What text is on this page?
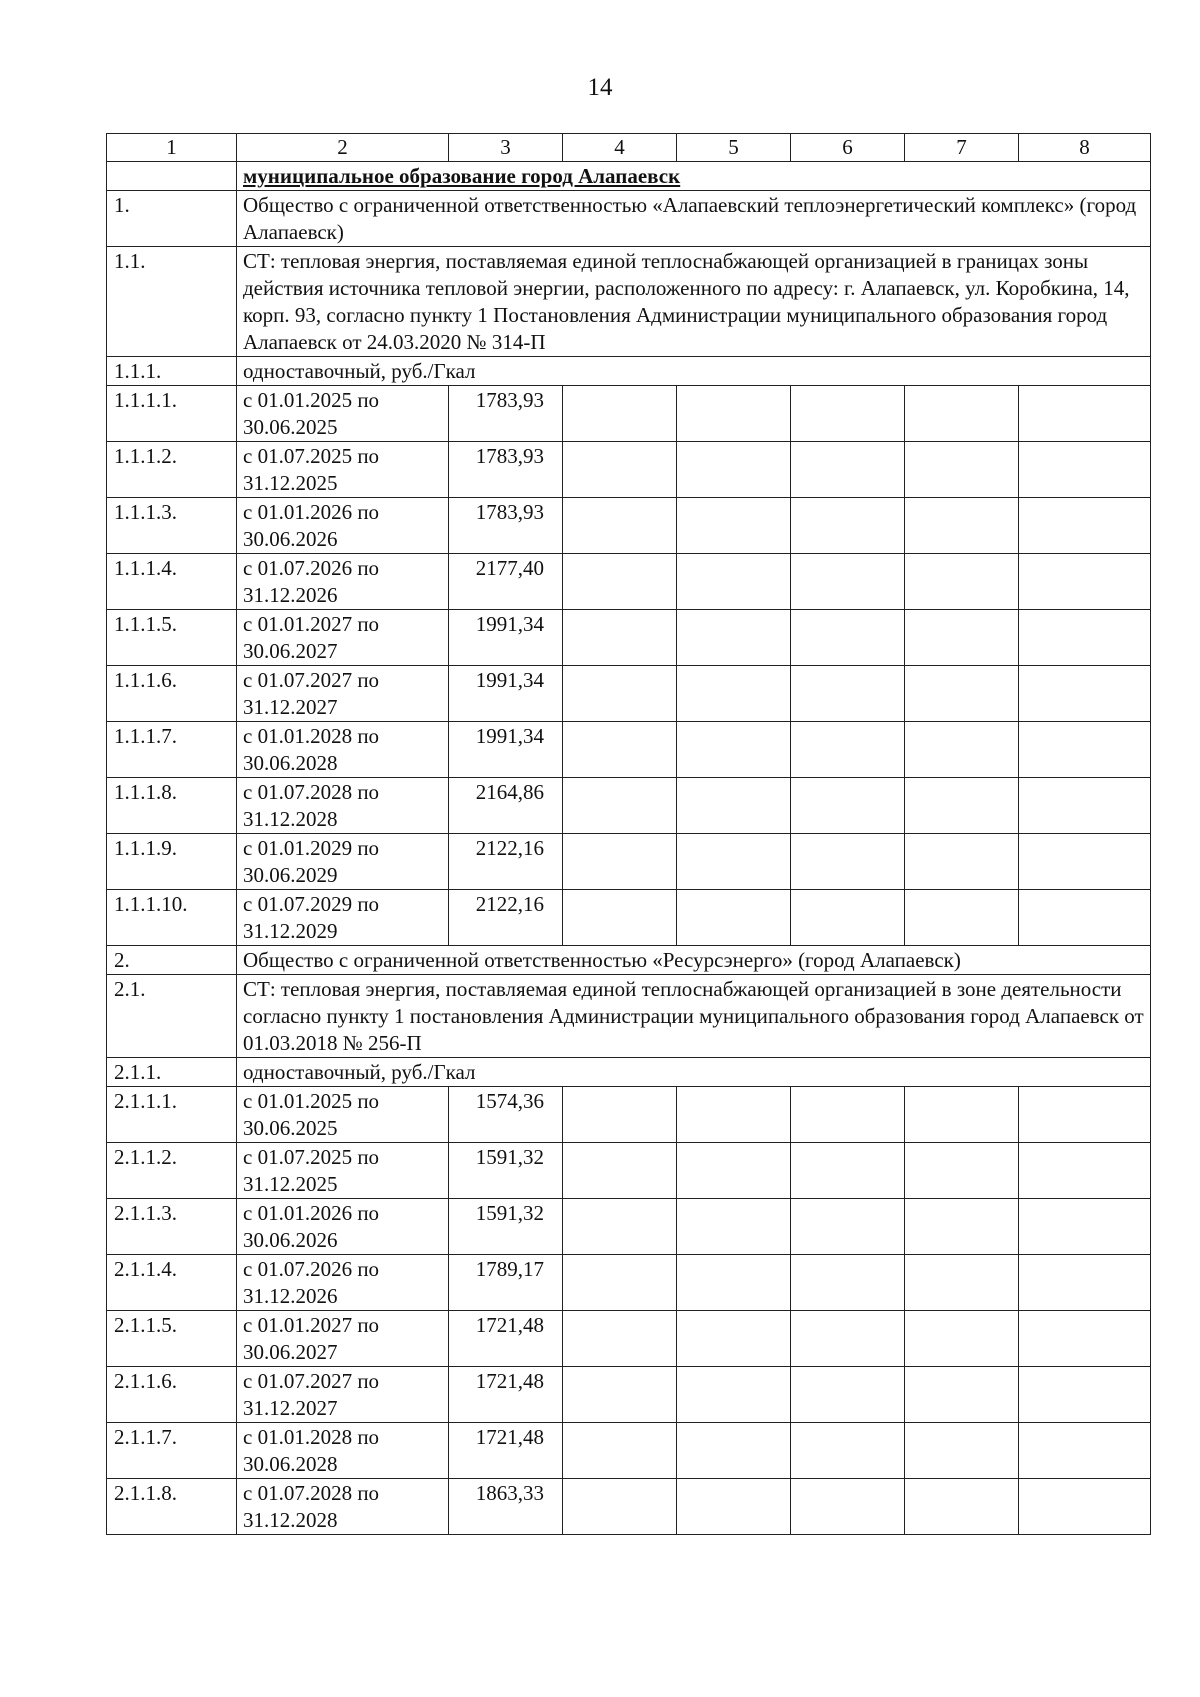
14
1	2	3	4	5	6	7	8
	муниципальное образование город Алапаевск						
1.	Общество с ограниченной ответственностью «Алапаевский теплоэнергетический комплекс» (город Алапаевск)						
1.1.	СТ: тепловая энергия, поставляемая единой теплоснабжающей организацией в границах зоны действия источника тепловой энергии, расположенного по адресу: г. Алапаевск, ул. Коробкина, 14, корп. 93, согласно пункту 1 Постановления Администрации муниципального образования город Алапаевск от 24.03.2020 № 314-П						
1.1.1.	одноставочный, руб./Гкал						
1.1.1.1.	с 01.01.2025 по 30.06.2025	1783,93					
1.1.1.2.	с 01.07.2025 по 31.12.2025	1783,93					
1.1.1.3.	с 01.01.2026 по 30.06.2026	1783,93					
1.1.1.4.	с 01.07.2026 по 31.12.2026	2177,40					
1.1.1.5.	с 01.01.2027 по 30.06.2027	1991,34					
1.1.1.6.	с 01.07.2027 по 31.12.2027	1991,34					
1.1.1.7.	с 01.01.2028 по 30.06.2028	1991,34					
1.1.1.8.	с 01.07.2028 по 31.12.2028	2164,86					
1.1.1.9.	с 01.01.2029 по 30.06.2029	2122,16					
1.1.1.10.	с 01.07.2029 по 31.12.2029	2122,16					
2.	Общество с ограниченной ответственностью «Ресурсэнерго» (город Алапаевск)						
2.1.	СТ: тепловая энергия, поставляемая единой теплоснабжающей организацией в зоне деятельности согласно пункту 1 постановления Администрации муниципального образования город Алапаевск от 01.03.2018 № 256-П						
2.1.1.	одноставочный, руб./Гкал						
2.1.1.1.	с 01.01.2025 по 30.06.2025	1574,36					
2.1.1.2.	с 01.07.2025 по 31.12.2025	1591,32					
2.1.1.3.	с 01.01.2026 по 30.06.2026	1591,32					
2.1.1.4.	с 01.07.2026 по 31.12.2026	1789,17					
2.1.1.5.	с 01.01.2027 по 30.06.2027	1721,48					
2.1.1.6.	с 01.07.2027 по 31.12.2027	1721,48					
2.1.1.7.	с 01.01.2028 по 30.06.2028	1721,48					
2.1.1.8.	с 01.07.2028 по 31.12.2028	1863,33					
